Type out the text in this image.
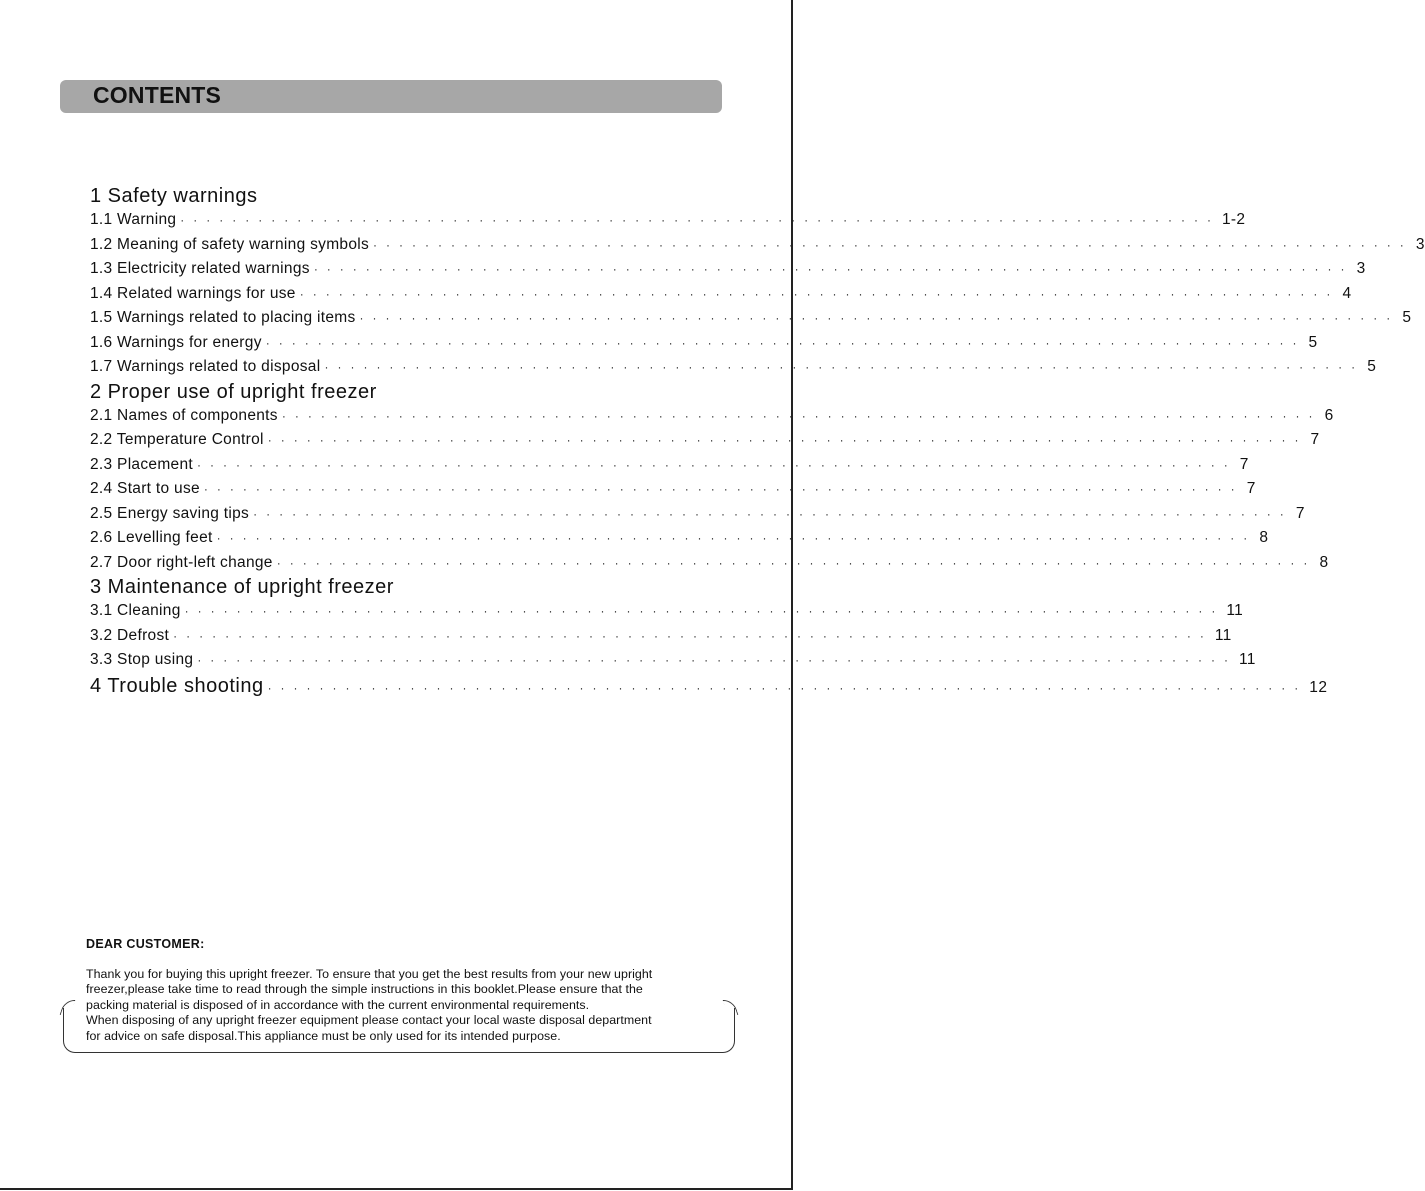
CONTENTS
1 Safety warnings
1.1 Warning ················································································ 1-2
1.2 Meaning of safety warning symbols ················································································ 3
1.3 Electricity related warnings ················································································ 3
1.4 Related warnings for use ················································································ 4
1.5 Warnings related to placing items ················································································ 5
1.6 Warnings for energy ················································································ 5
1.7 Warnings related to disposal ················································································ 5
2 Proper use of upright freezer
2.1 Names of components ················································································ 6
2.2 Temperature Control ················································································ 7
2.3 Placement ················································································ 7
2.4 Start to use ················································································ 7
2.5 Energy saving tips ················································································ 7
2.6 Levelling feet ················································································ 8
2.7 Door right-left change ················································································ 8
3 Maintenance of upright freezer
3.1 Cleaning ················································································ 11
3.2 Defrost ················································································ 11
3.3 Stop using ················································································ 11
4 Trouble shooting ················································································ 12
DEAR CUSTOMER:

Thank you for buying this upright freezer. To ensure that you get the best results from your new upright

freezer,please take time to read through the simple instructions in this booklet.Please ensure that the

packing material is disposed of in accordance with the current environmental requirements.

When disposing of any upright freezer equipment please contact your local waste disposal department

for advice on safe disposal.This appliance must be only used for its intended purpose.
